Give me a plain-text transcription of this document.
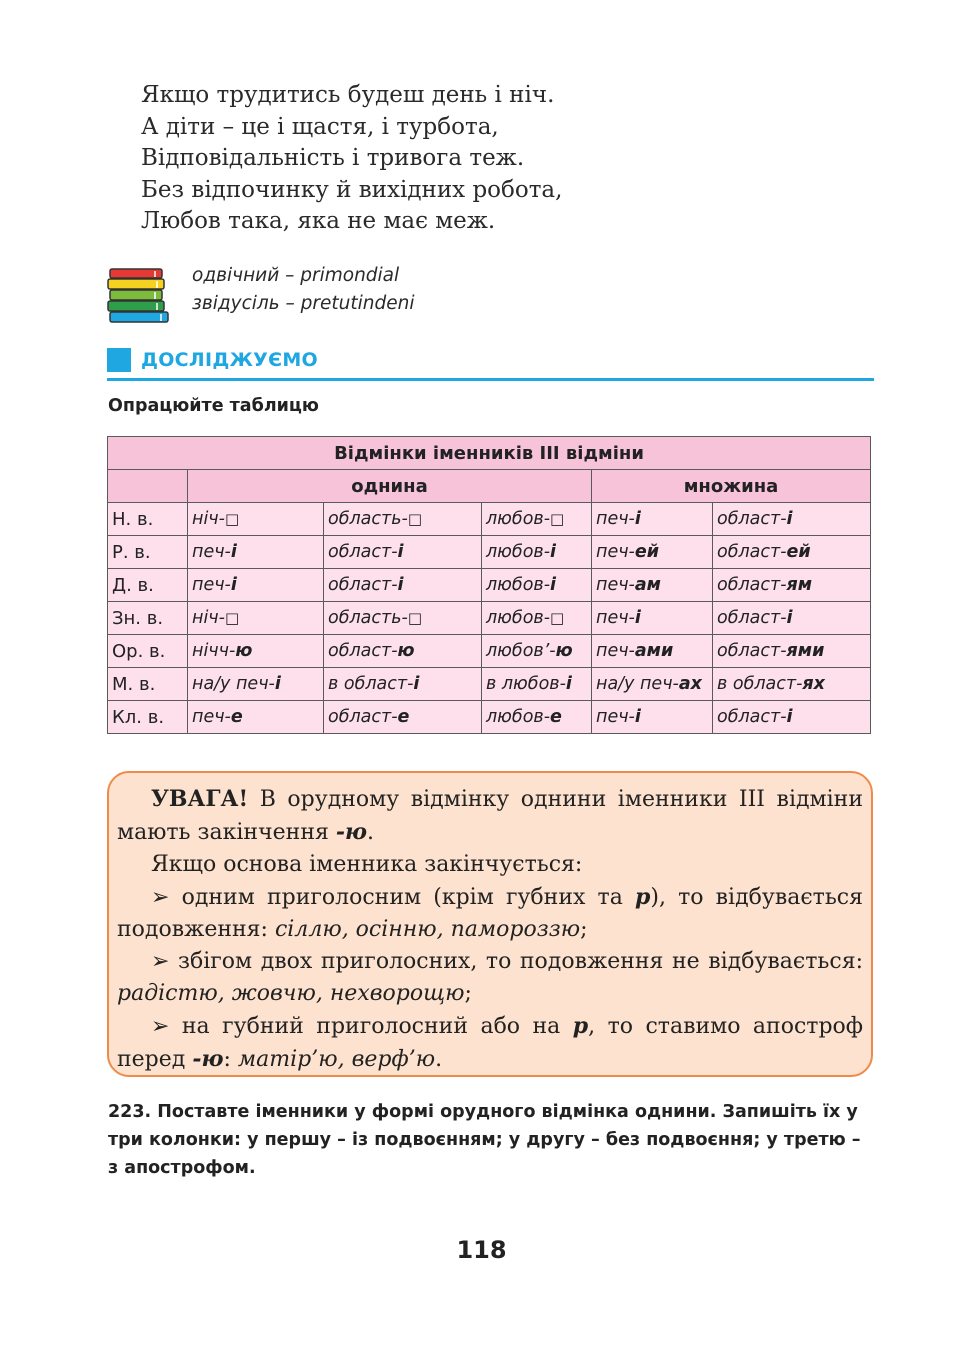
Якщо трудитись будеш день і ніч.
А діти – це і щастя, і турбота,
Відповідальність і тривога теж.
Без відпочинку й вихідних робота,
Любов така, яка не має меж.
одвічний – primondial
звідусіль – pretutindeni
ДОСЛІДЖУЄМО
Опрацюйте таблицю
Відмінки іменників ІІІ відміни					
	однина			множина	
Н. в.	ніч-□	область-□	любов-□	печ-і	област-і
Р. в.	печ-і	област-і	любов-і	печ-ей	област-ей
Д. в.	печ-і	област-і	любов-і	печ-ам	област-ям
Зн. в.	ніч-□	область-□	любов-□	печ-і	област-і
Ор. в.	нічч-ю	област-ю	любов’-ю	печ-ами	област-ями
М. в.	на/у печ-і	в област-і	в любов-і	на/у печ-ах	в област-ях
Кл. в.	печ-е	област-е	любов-е	печ-і	област-і

УВАГА! В орудному відмінку однини іменники ІІІ відміни мають закінчення -ю.

Якщо основа іменника закінчується:

➢ одним приголосним (крім губних та р), то відбувається подовження: сіллю, осінню, памороззю;

➢ збігом двох приголосних, то подовження не відбувається: радістю, жовчю, нехворощю;

➢ на губний приголосний або на р, то ставимо апостроф перед -ю: матір’ю, верф’ю.

223. Поставте іменники у формі орудного відмінка однини. Запишіть їх у три колонки: у першу – із подвоєнням; у другу – без подвоєння; у третю – з апострофом.
118
